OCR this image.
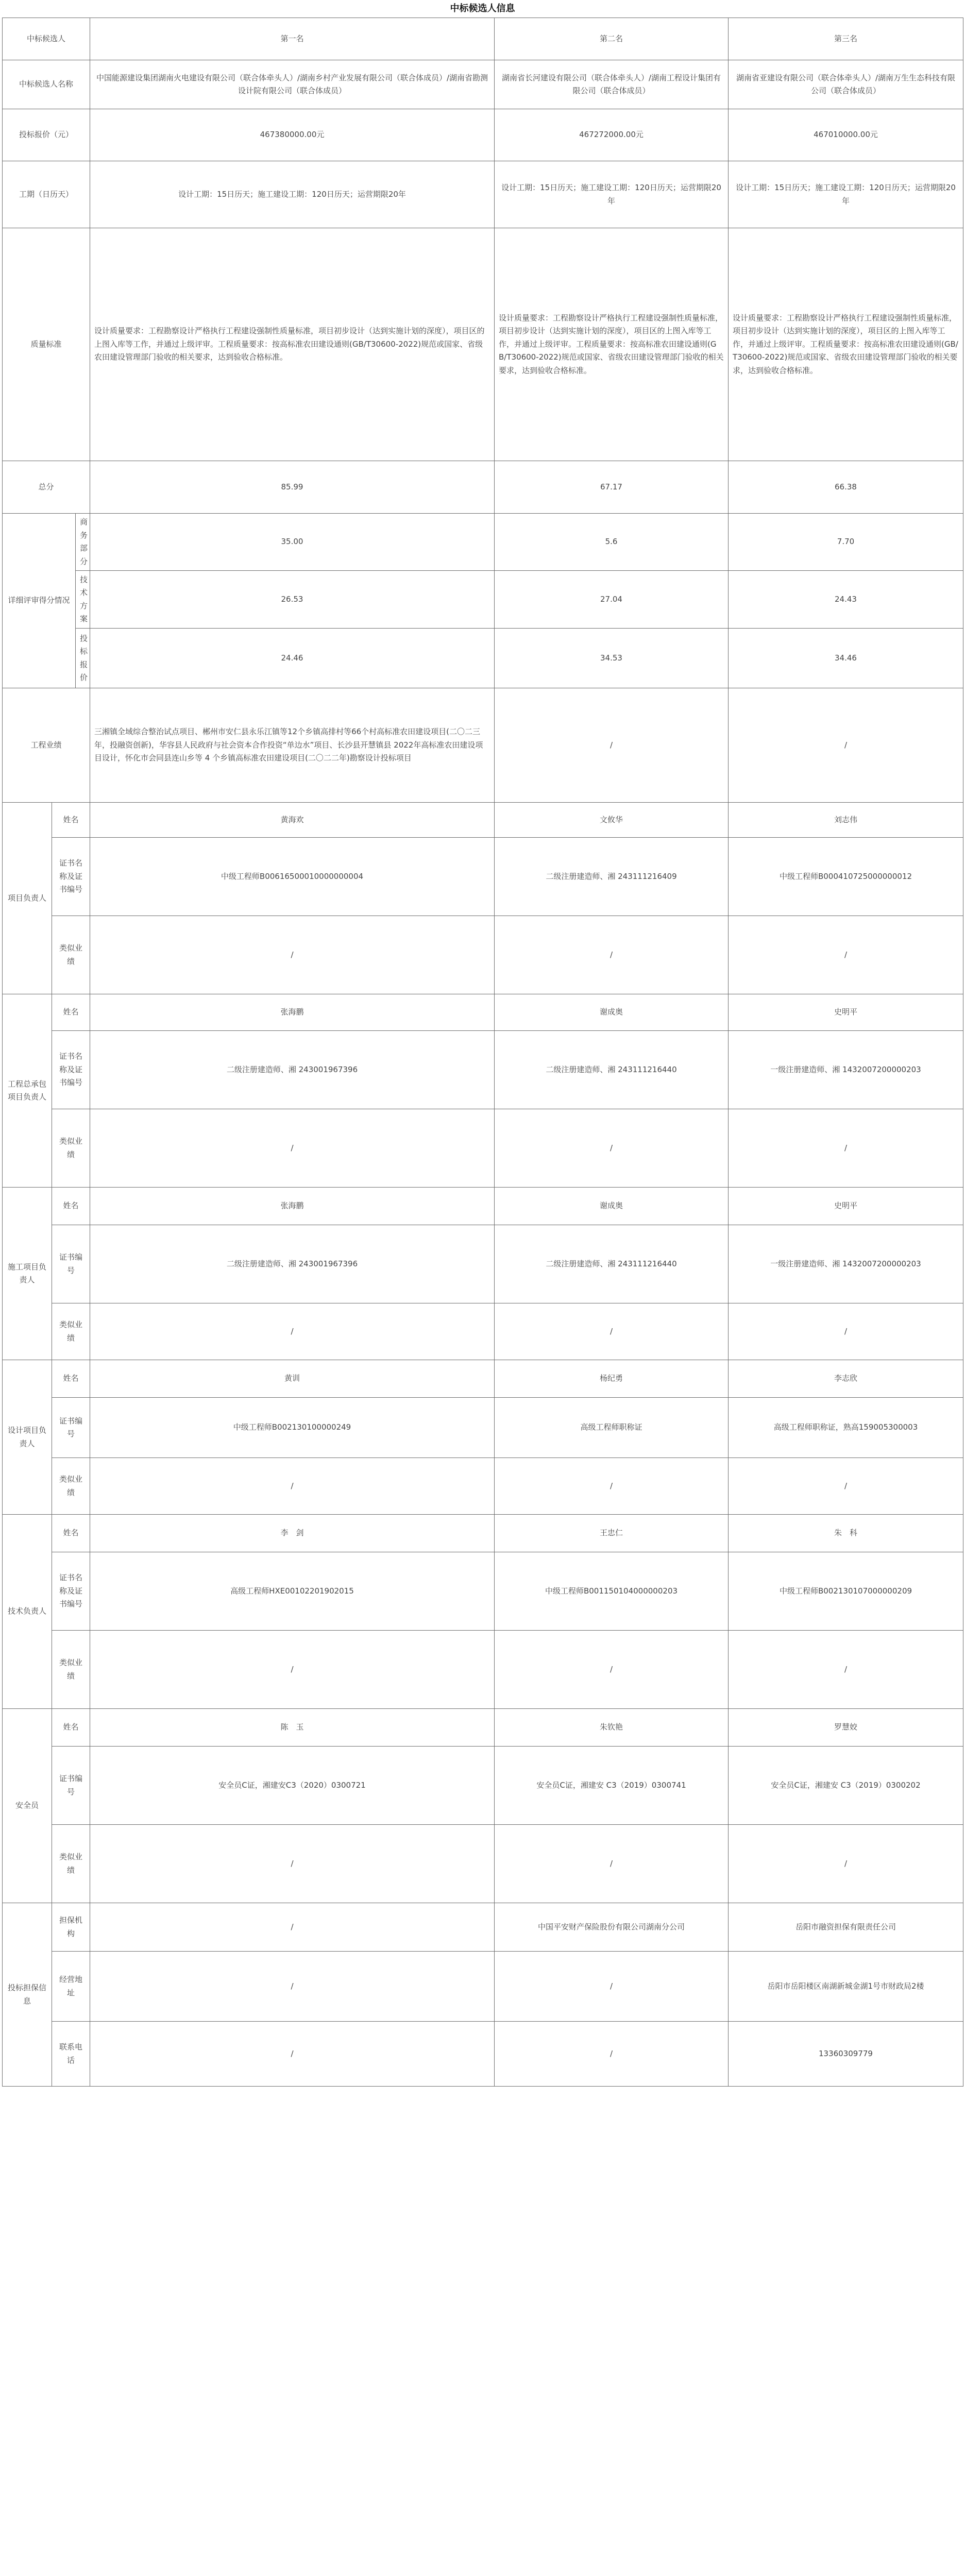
中标候选人信息
中标候选人			第一名	第二名	第三名
中标候选人名称			中国能源建设集团湖南火电建设有限公司（联合体牵头人）/湖南乡村产业发展有限公司（联合体成员）/湖南省勘测设计院有限公司（联合体成员）	湖南省长河建设有限公司（联合体牵头人）/湖南工程设计集团有限公司（联合体成员）	湖南省亚建设有限公司（联合体牵头人）/湖南万生生态科技有限公司（联合体成员）
投标报价（元）			467380000.00元	467272000.00元	467010000.00元
工期（日历天）			设计工期：15日历天；施工建设工期：120日历天；运营期限20年	设计工期：15日历天；施工建设工期：120日历天；运营期限20年	设计工期：15日历天；施工建设工期：120日历天；运营期限20年
质量标准			设计质量要求：工程勘察设计严格执行工程建设强制性质量标准，项目初步设计（达到实施计划的深度），项目区的上图入库等工作，并通过上级评审。工程质量要求：按高标准农田建设通则(GB/T30600-2022)规范或国家、省级农田建设管理部门验收的相关要求，达到验收合格标准。	设计质量要求：工程勘察设计严格执行工程建设强制性质量标准，项目初步设计（达到实施计划的深度），项目区的上图入库等工作，并通过上级评审。工程质量要求：按高标准农田建设通则(GB/T30600-2022)规范或国家、省级农田建设管理部门验收的相关要求，达到验收合格标准。	设计质量要求：工程勘察设计严格执行工程建设强制性质量标准，项目初步设计（达到实施计划的深度），项目区的上图入库等工作，并通过上级评审。工程质量要求：按高标准农田建设通则(GB/T30600-2022)规范或国家、省级农田建设管理部门验收的相关要求，达到验收合格标准。
总分			85.99	67.17	66.38
详细评审得分情况		商务部分	35.00	5.6	7.70
		技术方案	26.53	27.04	24.43
		投标报价	24.46	34.53	34.46
工程业绩			三湘镇全域综合整治试点项目、郴州市安仁县永乐江镇等12个乡镇高排村等66个村高标准农田建设项目(二〇二三年，投融资创新)，华容县人民政府与社会资本合作投资“单边水”项目、长沙县开慧镇县 2022年高标准农田建设项目设计，怀化市会同县连山乡等 4 个乡镇高标准农田建设项目(二〇二二年)勘察设计投标项目	/	/
项目负责人	姓名		黄海欢	文攸华	刘志伟
	证书名称及证书编号		中级工程师B00616500010000000004	二级注册建造师、湘 243111216409	中级工程师B000410725000000012
	类似业绩		/	/	/
工程总承包项目负责人	姓名		张海鹏	谢成奥	史明平
	证书名称及证书编号		二级注册建造师、湘 243001967396	二级注册建造师、湘 243111216440	一级注册建造师、湘 1432007200000203
	类似业绩		/	/	/
施工项目负责人	姓名		张海鹏	谢成奥	史明平
	证书编号		二级注册建造师、湘 243001967396	二级注册建造师、湘 243111216440	一级注册建造师、湘 1432007200000203
	类似业绩		/	/	/
设计项目负责人	姓名		黄训	杨纪勇	李志欣
	证书编号		中级工程师B002130100000249	高级工程师职称证	高级工程师职称证，熟高159005300003
	类似业绩		/	/	/
技术负责人	姓名		李　剑	王忠仁	朱　科
	证书名称及证书编号		高级工程师HXE00102201902015	中级工程师B001150104000000203	中级工程师B002130107000000209
	类似业绩		/	/	/
安全员	姓名		陈　玉	朱钦艳	罗慧姣
	证书编号		安全员C证，湘建安C3（2020）0300721	安全员C证，湘建安 C3（2019）0300741	安全员C证，湘建安 C3（2019）0300202
	类似业绩		/	/	/
投标担保信息	担保机构		/	中国平安财产保险股份有限公司湖南分公司	岳阳市融资担保有限责任公司
	经营地址		/	/	岳阳市岳阳楼区南湖新城金湖1号市财政局2楼
	联系电话		/	/	13360309779
